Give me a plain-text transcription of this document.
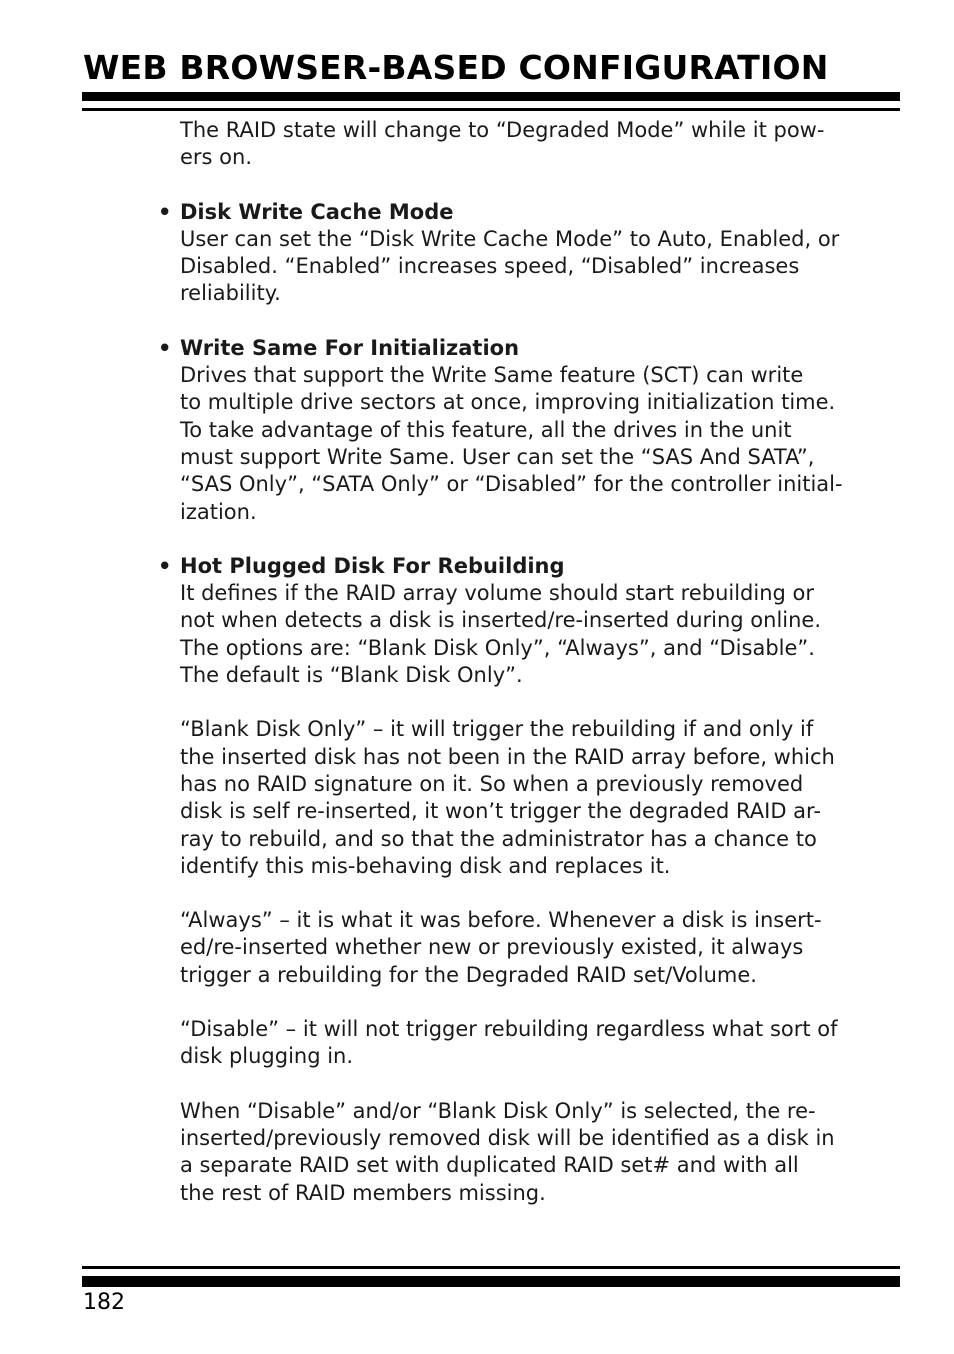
WEB BROWSER-BASED CONFIGURATION

The RAID state will change to “Degraded Mode” while it pow-

ers on.

• Disk Write Cache Mode

User can set the “Disk Write Cache Mode” to Auto, Enabled, or

Disabled. “Enabled” increases speed, “Disabled” increases

reliability.

• Write Same For Initialization

Drives that support the Write Same feature (SCT) can write

to multiple drive sectors at once, improving initialization time.

To take advantage of this feature, all the drives in the unit

must support Write Same. User can set the “SAS And SATA”,

“SAS Only”, “SATA Only” or “Disabled” for the controller initial-

ization.

• Hot Plugged Disk For Rebuilding

It defines if the RAID array volume should start rebuilding or

not when detects a disk is inserted/re-inserted during online.

The options are: “Blank Disk Only”, “Always”, and “Disable”.

The default is “Blank Disk Only”.

“Blank Disk Only” – it will trigger the rebuilding if and only if

the inserted disk has not been in the RAID array before, which

has no RAID signature on it. So when a previously removed

disk is self re-inserted, it won’t trigger the degraded RAID ar-

ray to rebuild, and so that the administrator has a chance to

identify this mis-behaving disk and replaces it.

“Always” – it is what it was before. Whenever a disk is insert-

ed/re-inserted whether new or previously existed, it always

trigger a rebuilding for the Degraded RAID set/Volume.

“Disable” – it will not trigger rebuilding regardless what sort of

disk plugging in.

When “Disable” and/or “Blank Disk Only” is selected, the re-

inserted/previously removed disk will be identified as a disk in

a separate RAID set with duplicated RAID set# and with all

the rest of RAID members missing.

182
